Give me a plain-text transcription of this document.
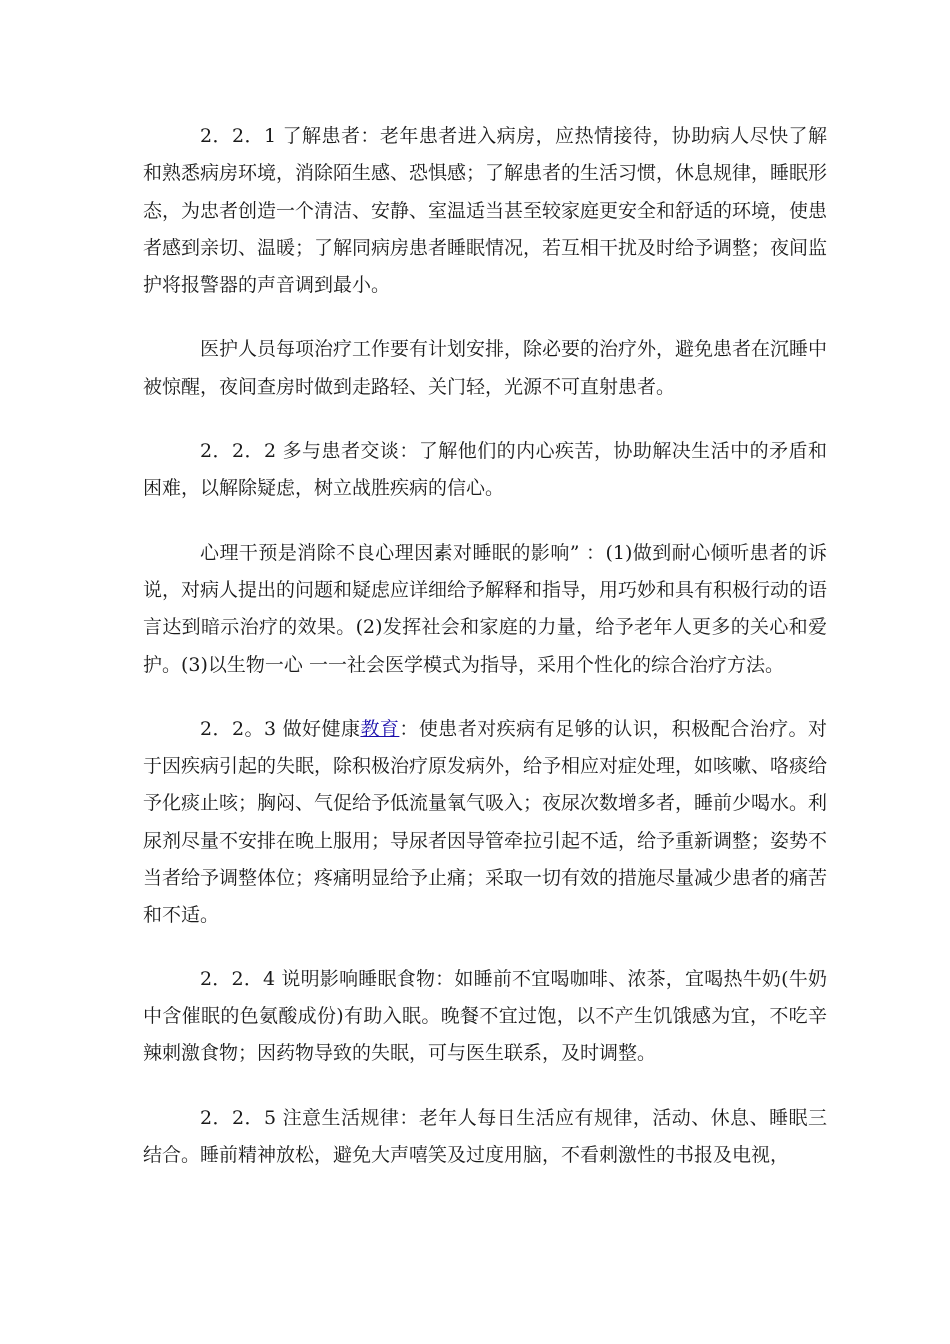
2．2．1 了解患者：老年患者进入病房，应热情接待，协助病人尽快了解和熟悉病房环境，消除陌生感、恐惧感；了解患者的生活习惯，休息规律，睡眠形态，为忠者创造一个清洁、安静、室温适当甚至较家庭更安全和舒适的环境，使患者感到亲切、温暖；了解同病房患者睡眠情况，若互相干扰及时给予调整；夜间监护将报警器的声音调到最小。

医护人员每项治疗工作要有计划安排，除必要的治疗外，避免患者在沉睡中被惊醒，夜间查房时做到走路轻、关门轻，光源不可直射患者。

2．2．2 多与患者交谈：了解他们的内心疾苦，协助解决生活中的矛盾和困难，以解除疑虑，树立战胜疾病的信心。

心理干预是消除不良心理因素对睡眠的影响” ：(1)做到耐心倾听患者的诉说，对病人提出的问题和疑虑应详细给予解释和指导，用巧妙和具有积极行动的语言达到暗示治疗的效果。(2)发挥社会和家庭的力量，给予老年人更多的关心和爱护。(3)以生物一心 一一社会医学模式为指导，采用个性化的综合治疗方法。

2．2。3 做好健康教育：使患者对疾病有足够的认识，积极配合治疗。对于因疾病引起的失眠，除积极治疗原发病外，给予相应对症处理，如咳嗽、咯痰给予化痰止咳；胸闷、气促给予低流量氧气吸入；夜尿次数增多者，睡前少喝水。利尿剂尽量不安排在晚上服用；导尿者因导管牵拉引起不适，给予重新调整；姿势不当者给予调整体位；疼痛明显给予止痛；采取一切有效的措施尽量减少患者的痛苦和不适。

2．2．4 说明影响睡眠食物：如睡前不宜喝咖啡、浓茶，宜喝热牛奶(牛奶中含催眠的色氨酸成份)有助入眠。晚餐不宜过饱，以不产生饥饿感为宜，不吃辛辣刺激食物；因药物导致的失眠，可与医生联系，及时调整。

2．2．5 注意生活规律：老年人每日生活应有规律，活动、休息、睡眠三结合。睡前精神放松，避免大声嘻笑及过度用脑，不看刺激性的书报及电视，
